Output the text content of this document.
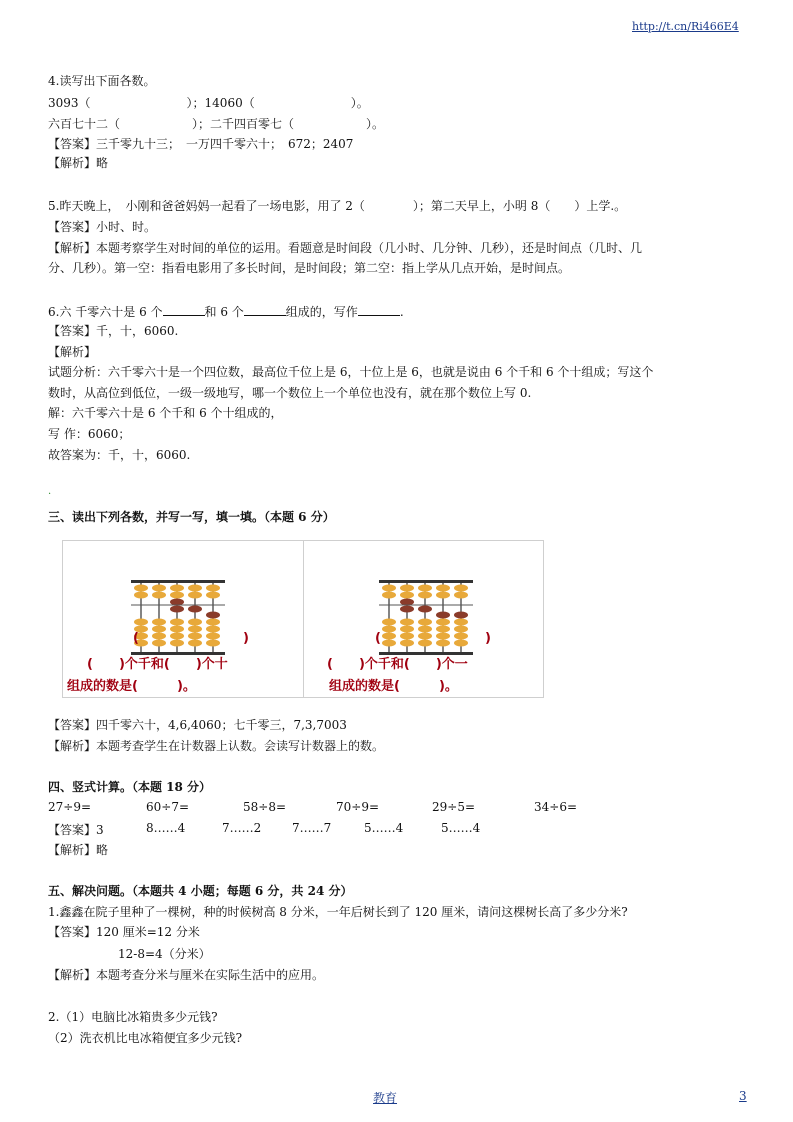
http://t.cn/Ri466E4
4.读写出下面各数。
3093（　　　　　　　　）；14060（　　　　　　　　）。
六百七十二（　　　　　　）；二千四百零七（　　　　　　）。
【答案】三千零九十三；　一万四千零六十；　672；2407
【解析】略
5.昨天晚上，　小刚和爸爸妈妈一起看了一场电影，用了 2（　　　　）；第二天早上，小明 8（　　）上学.。
【答案】小时、时。
【解析】本题考察学生对时间的单位的运用。看题意是时间段（几小时、几分钟、几秒），还是时间点（几时、几
分、几秒）。第一空：指看电影用了多长时间，是时间段；第二空：指上学从几点开始，是时间点。
6.六 千零六十是 6 个	和 6 个	组成的，写作	.
【答案】千，十，6060.
【解析】
试题分析：六千零六十是一个四位数，最高位千位上是 6，十位上是 6，也就是说由 6 个千和 6 个十组成；写这个
数时，从高位到低位，一级一级地写，哪一个数位上一个单位也没有，就在那个数位上写 0.
解：六千零六十是 6 个千和 6 个十组成的，
写 作：6060；
故答案为：千，十，6060.
.
三、读出下列各数，并写一写，填一填。（本题 6 分）
(　　　　　　　　)
(　　)个千和(　　)个十
组成的数是(　　　)。
(　　　　　　　　)
(　　)个千和(　　)个一
组成的数是(　　　)。
【答案】四千零六十，4,6,4060；七千零三，7,3,7003
【解析】本题考查学生在计数器上认数。会读写计数器上的数。
四、竖式计算。（本题 18 分）
27÷9=	60÷7=	58÷8=	70÷9=	29÷5=	34÷6=
【答案】3	8……4	7……2	7……7	5……4	5……4
【解析】略
五、解决问题。（本题共 4 小题；每题 6 分，共 24 分）
1.鑫鑫在院子里种了一棵树，种的时候树高 8 分米，一年后树长到了 120 厘米，请问这棵树长高了多少分米?
【答案】120 厘米=12 分米
12-8=4（分米）
【解析】本题考查分米与厘米在实际生活中的应用。
2.（1）电脑比冰箱贵多少元钱?
（2）洗衣机比电冰箱便宜多少元钱?
教育	3
